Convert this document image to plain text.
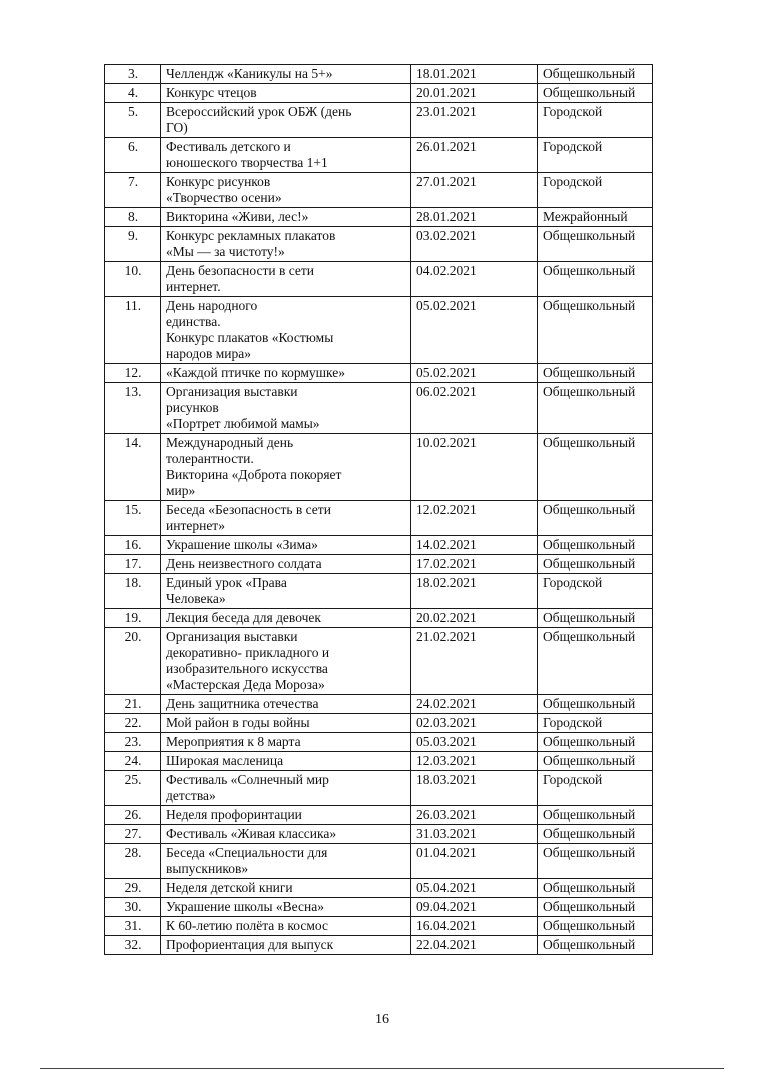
3.	Челлендж «Каникулы на 5+»	18.01.2021	Общешкольный
4.	Конкурс чтецов	20.01.2021	Общешкольный
5.	Всероссийский урок ОБЖ (день
ГО)	23.01.2021	Городской
6.	Фестиваль детского и
юношеского творчества 1+1	26.01.2021	Городской
7.	Конкурс рисунков
«Творчество осени»	27.01.2021	Городской
8.	Викторина «Живи, лес!»	28.01.2021	Межрайонный
9.	Конкурс рекламных плакатов
«Мы — за чистоту!»	03.02.2021	Общешкольный
10.	День безопасности в сети
интернет.	04.02.2021	Общешкольный
11.	День народного
единства.
Конкурс плакатов «Костюмы
народов мира»	05.02.2021	Общешкольный
12.	«Каждой птичке по кормушке»	05.02.2021	Общешкольный
13.	Организация выставки
рисунков
«Портрет любимой мамы»	06.02.2021	Общешкольный
14.	Международный день
толерантности.
Викторина «Доброта покоряет
мир»	10.02.2021	Общешкольный
15.	Беседа «Безопасность в сети
интернет»	12.02.2021	Общешкольный
16.	Украшение школы «Зима»	14.02.2021	Общешкольный
17.	День неизвестного солдата	17.02.2021	Общешкольный
18.	Единый урок «Права
Человека»	18.02.2021	Городской
19.	Лекция беседа для девочек	20.02.2021	Общешкольный
20.	Организация выставки
декоративно- прикладного и
изобразительного искусства
«Мастерская Деда Мороза»	21.02.2021	Общешкольный
21.	День защитника отечества	24.02.2021	Общешкольный
22.	Мой район в годы войны	02.03.2021	Городской
23.	Мероприятия к 8 марта	05.03.2021	Общешкольный
24.	Широкая масленица	12.03.2021	Общешкольный
25.	Фестиваль «Солнечный мир
детства»	18.03.2021	Городской
26.	Неделя профоринтации	26.03.2021	Общешкольный
27.	Фестиваль «Живая классика»	31.03.2021	Общешкольный
28.	Беседа «Специальности для
выпускников»	01.04.2021	Общешкольный
29.	Неделя детской книги	05.04.2021	Общешкольный
30.	Украшение школы «Весна»	09.04.2021	Общешкольный
31.	К 60-летию полёта в космос	16.04.2021	Общешкольный
32.	Профориентация для выпуск	22.04.2021	Общешкольный
16
